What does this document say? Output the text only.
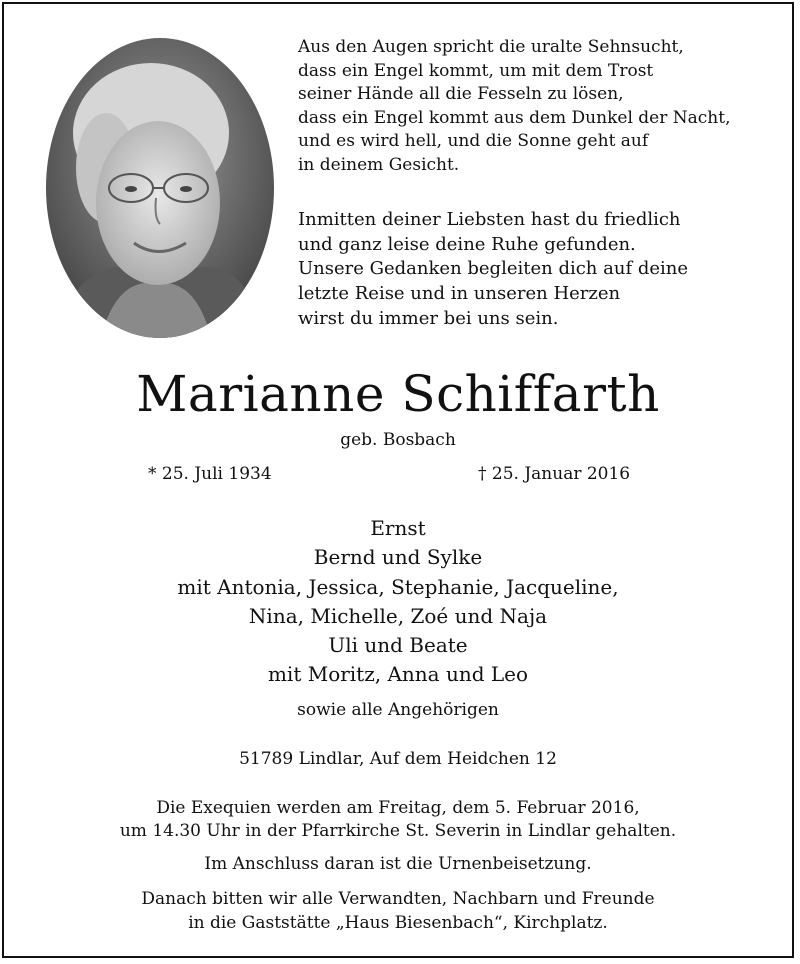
Aus den Augen spricht die uralte Sehnsucht,
dass ein Engel kommt, um mit dem Trost
seiner Hände all die Fesseln zu lösen,
dass ein Engel kommt aus dem Dunkel der Nacht,
und es wird hell, und die Sonne geht auf
in deinem Gesicht.
Inmitten deiner Liebsten hast du friedlich
und ganz leise deine Ruhe gefunden.
Unsere Gedanken begleiten dich auf deine
letzte Reise und in unseren Herzen
wirst du immer bei uns sein.
Marianne Schiffarth
geb. Bosbach
* 25. Juli 1934	† 25. Januar 2016
Ernst
Bernd und Sylke
mit Antonia, Jessica, Stephanie, Jacqueline,
Nina, Michelle, Zoé und Naja
Uli und Beate
mit Moritz, Anna und Leo
sowie alle Angehörigen
51789 Lindlar, Auf dem Heidchen 12
Die Exequien werden am Freitag, dem 5. Februar 2016,
um 14.30 Uhr in der Pfarrkirche St. Severin in Lindlar gehalten.
Im Anschluss daran ist die Urnenbeisetzung.
Danach bitten wir alle Verwandten, Nachbarn und Freunde
in die Gaststätte „Haus Biesenbach“, Kirchplatz.
